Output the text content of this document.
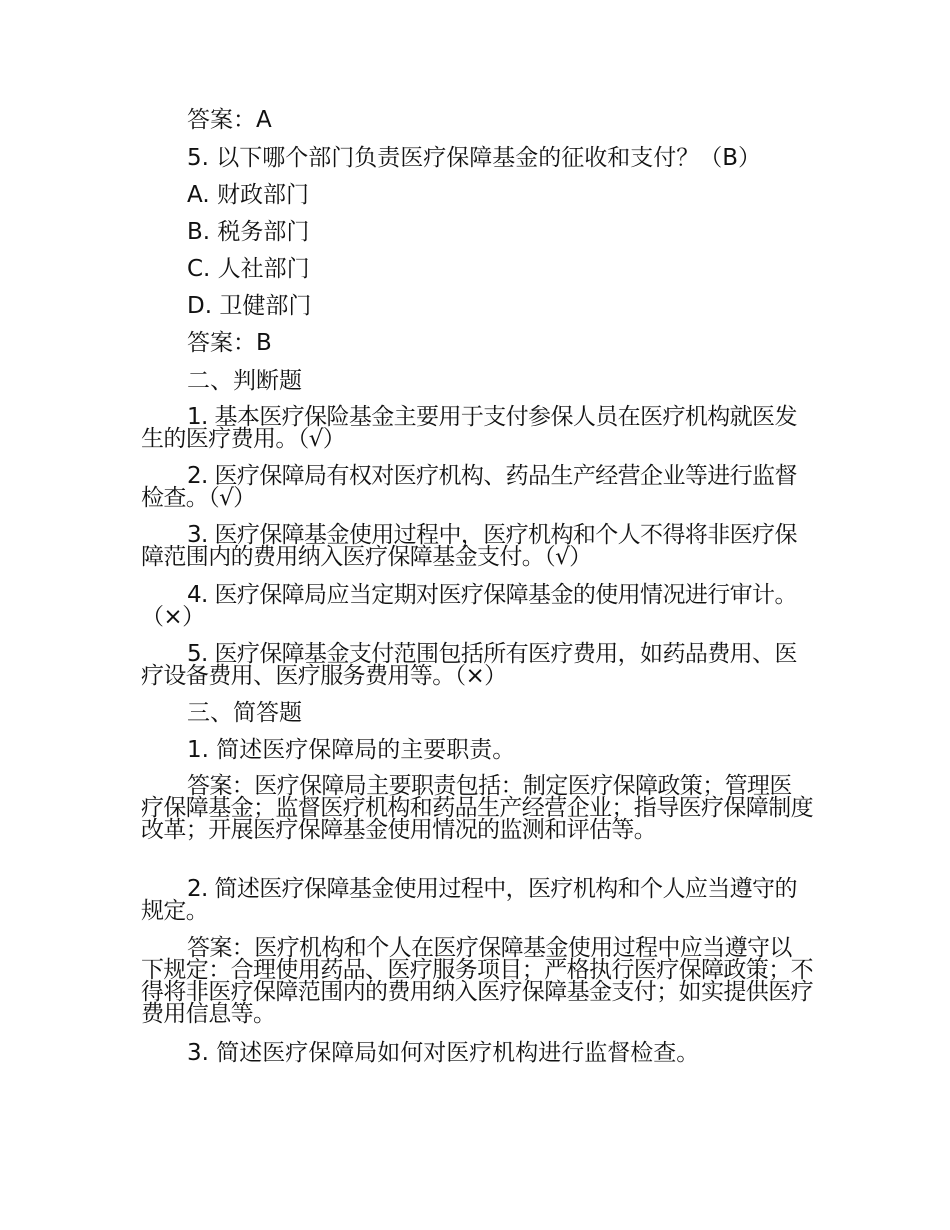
答案：A
5. 以下哪个部门负责医疗保障基金的征收和支付？（B）
A. 财政部门
B. 税务部门
C. 人社部门
D. 卫健部门
答案：B
二、判断题
1. 基本医疗保险基金主要用于支付参保人员在医疗机构就医发生的医疗费用。（√）
2. 医疗保障局有权对医疗机构、药品生产经营企业等进行监督检查。（√）
3. 医疗保障基金使用过程中，医疗机构和个人不得将非医疗保障范围内的费用纳入医疗保障基金支付。（√）
4. 医疗保障局应当定期对医疗保障基金的使用情况进行审计。（×）
5. 医疗保障基金支付范围包括所有医疗费用，如药品费用、医疗设备费用、医疗服务费用等。（×）
三、简答题
1. 简述医疗保障局的主要职责。
答案：医疗保障局主要职责包括：制定医疗保障政策；管理医疗保障基金；监督医疗机构和药品生产经营企业；指导医疗保障制度改革；开展医疗保障基金使用情况的监测和评估等。
2. 简述医疗保障基金使用过程中，医疗机构和个人应当遵守的规定。
答案：医疗机构和个人在医疗保障基金使用过程中应当遵守以下规定：合理使用药品、医疗服务项目；严格执行医疗保障政策；不得将非医疗保障范围内的费用纳入医疗保障基金支付；如实提供医疗费用信息等。
3. 简述医疗保障局如何对医疗机构进行监督检查。
